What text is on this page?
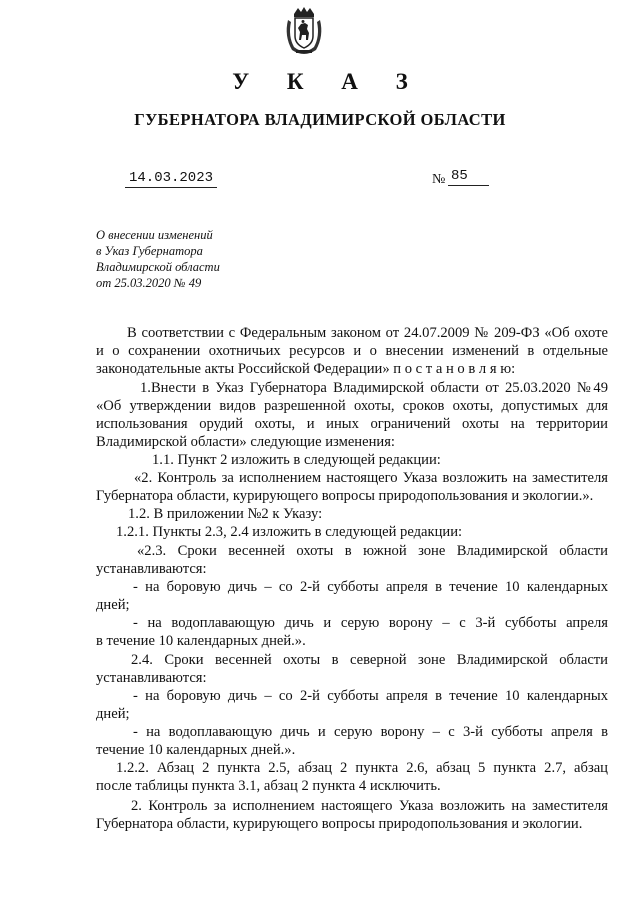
У К А З
ГУБЕРНАТОРА ВЛАДИМИРСКОЙ ОБЛАСТИ
14.03.2023	№ 85
О внесении изменений
в Указ Губернатора
Владимирской области
от 25.03.2020 № 49
В соответствии с Федеральным законом от 24.07.2009 № 209-ФЗ «Об охоте
и о сохранении охотничьих ресурсов и о внесении изменений в отдельные
законодательные акты Российской Федерации» п о с т а н о в л я ю:
1.Внести в Указ Губернатора Владимирской области от 25.03.2020 №49
«Об утверждении видов разрешенной охоты, сроков охоты, допустимых для
использования орудий охоты, и иных ограничений охоты на территории
Владимирской области» следующие изменения:
1.1. Пункт 2 изложить в следующей редакции:
«2. Контроль за исполнением настоящего Указа возложить на заместителя
Губернатора области, курирующего вопросы природопользования и экологии.».
1.2. В приложении №2 к Указу:
1.2.1. Пункты 2.3, 2.4 изложить в следующей редакции:
«2.3. Сроки весенней охоты в южной зоне Владимирской области
устанавливаются:
- на боровую дичь – со 2-й субботы апреля в течение 10 календарных
дней;
- на водоплавающую дичь и серую ворону – с 3-й субботы апреля
в течение 10 календарных дней.».
2.4. Сроки весенней охоты в северной зоне Владимирской области
устанавливаются:
- на боровую дичь – со 2-й субботы апреля в течение 10 календарных
дней;
- на водоплавающую дичь и серую ворону – с 3-й субботы апреля в
течение 10 календарных дней.».
1.2.2. Абзац 2 пункта 2.5, абзац 2 пункта 2.6, абзац 5 пункта 2.7, абзац
после таблицы пункта 3.1, абзац 2 пункта 4 исключить.
2. Контроль за исполнением настоящего Указа возложить на заместителя
Губернатора области, курирующего вопросы природопользования и экологии.
